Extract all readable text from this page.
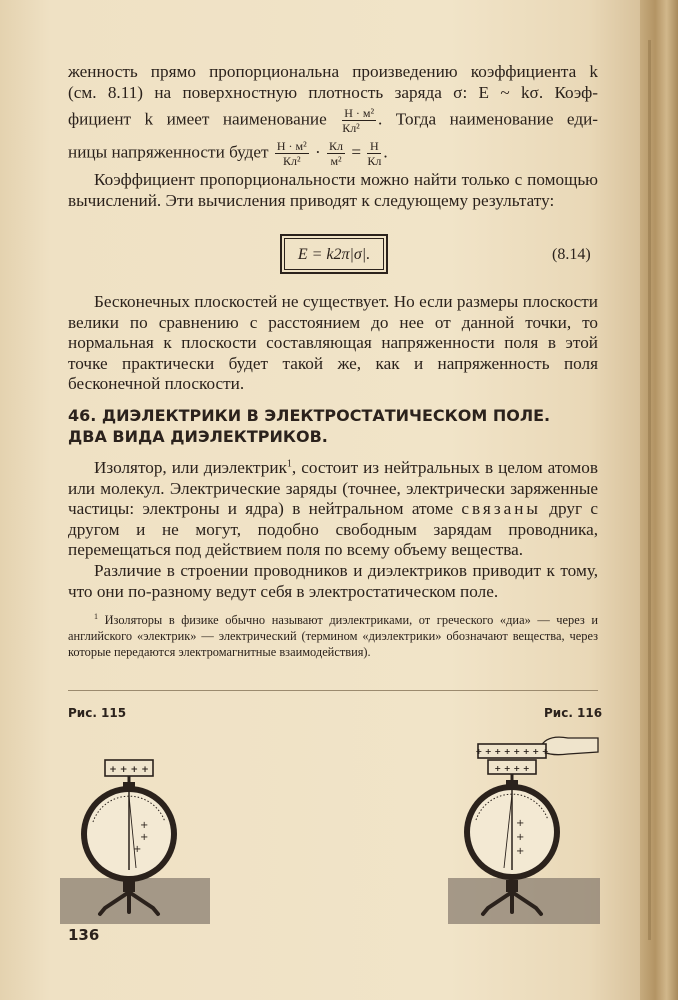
женность прямо пропорциональна произведению коэффициента k

(см. 8.11) на поверхностную плотность заряда σ: E ~ kσ. Коэф-

фициент k имеет наименование Н · м²
Кл²	. Тогда наименование еди-

ницы напряженности будет Н · м²
Кл² · Кл
м² = Н
Кл .

Коэффициент пропорциональности можно найти только с помощью вычислений. Эти вычисления приводят к следующему результату:

E = k2π|σ|.	(8.14)

Бесконечных плоскостей не существует. Но если размеры плоскости велики по сравнению с расстоянием до нее от данной точки, то нормальная к плоскости составляющая напряженности поля в этой точке практически будет такой же, как и напряженность поля бесконечной плоскости.

46. ДИЭЛЕКТРИКИ В ЭЛЕКТРОСТАТИЧЕСКОМ ПОЛЕ.
ДВА ВИДА ДИЭЛЕКТРИКОВ.

Изолятор, или диэлектрик$^1$, состоит из нейтральных в целом атомов или молекул. Электрические заряды (точнее, электрически заряженные частицы: электроны и ядра) в нейтральном атоме связаны друг с другом и не могут, подобно свободным зарядам проводника, перемещаться под действием поля по всему объему вещества.

Различие в строении проводников и диэлектриков приводит к тому, что они по-разному ведут себя в электростатическом поле.

$^1$ Изоляторы в физике обычно называют диэлектриками, от греческого «диа» — через и английского «электрик» — электрический (термином «диэлектрики» обозначают вещества, через которые передаются электромагнитные взаимодействия).

Рис. 115	Рис. 116
+ + + +
+
+
+
+ + + + + + + +
+ + + +
+
+
+
136
